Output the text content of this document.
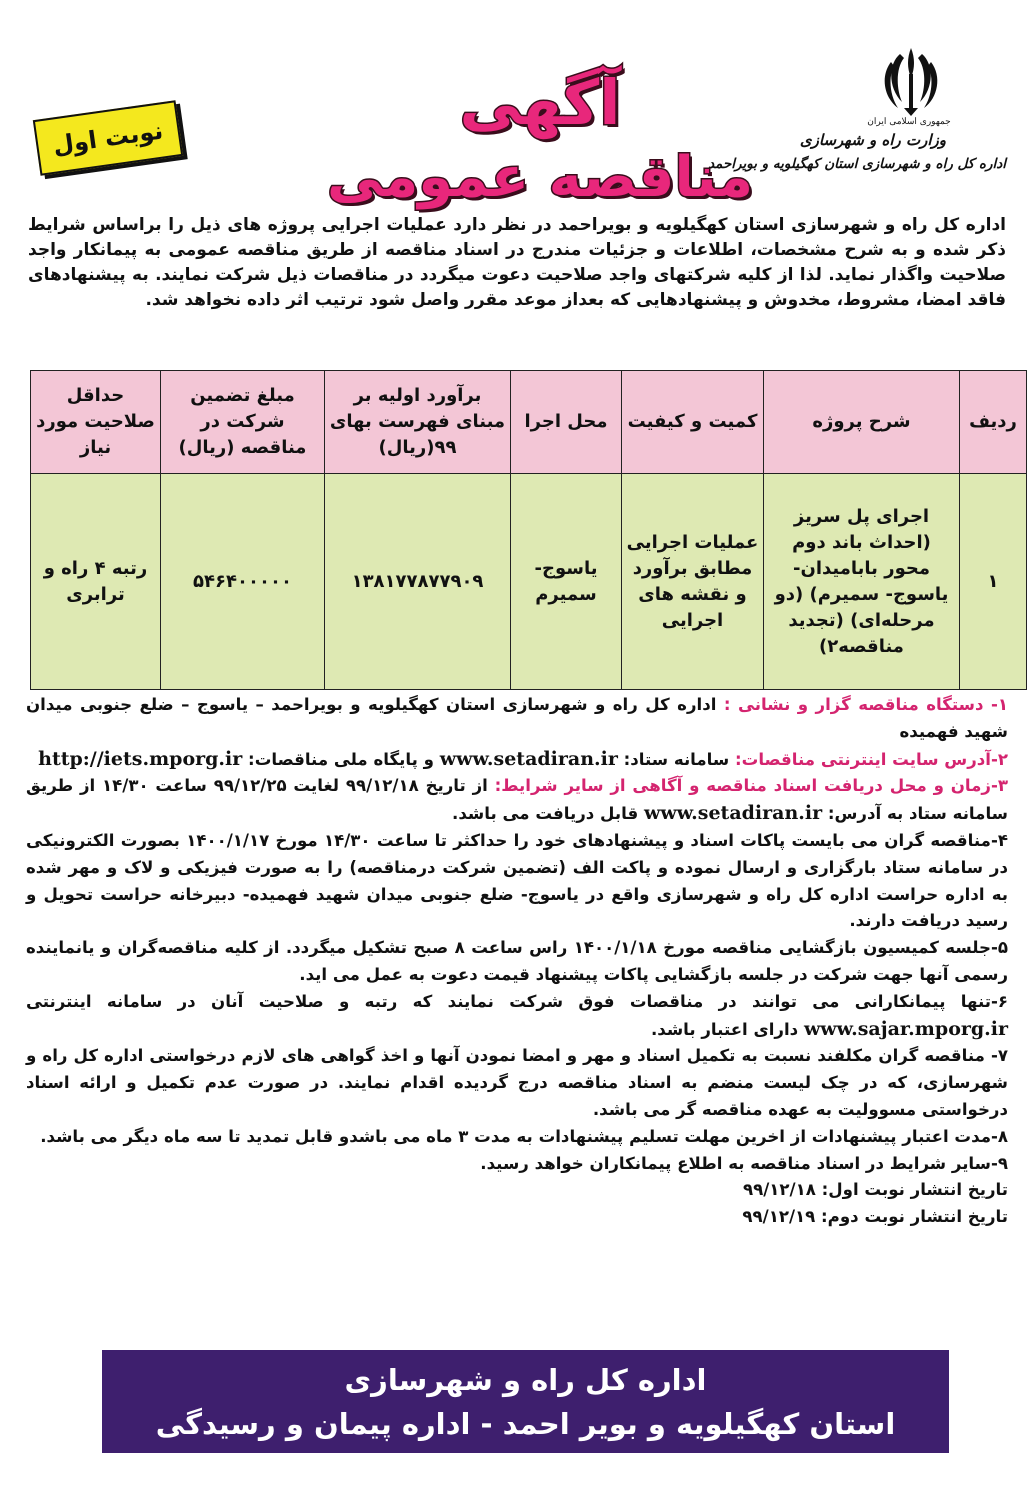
جمهوری اسلامی ایران
وزارت راه و شهرسازی
اداره کل راه و شهرسازی استان کهگیلویه و بویراحمد
آگهی
مناقصه عمومی
نوبت اول
اداره کل راه و شهرسازی استان کهگیلویه و بویراحمد در نظر دارد عملیات اجرایی پروژه های ذیل را براساس شرایط ذکر شده و به شرح مشخصات، اطلاعات و جزئیات مندرج در اسناد مناقصه از طریق مناقصه عمومی به پیمانکار واجد صلاحیت واگذار نماید. لذا از کلیه شرکتهای واجد صلاحیت دعوت میگردد در مناقصات ذیل شرکت نمایند. به پیشنهادهای فاقد امضا، مشروط، مخدوش و پیشنهادهایی که بعداز موعد مقرر واصل شود ترتیب اثر داده نخواهد شد.
ردیف	شرح پروژه	کمیت و کیفیت	محل اجرا	برآورد اولیه بر مبنای فهرست بهای ۹۹(ریال)	مبلغ تضمین شرکت در مناقصه (ریال)	حداقل صلاحیت مورد نیاز
۱	اجرای پل سریز (احداث باند دوم محور بابامیدان- یاسوج- سمیرم) (دو مرحله‌ای) (تجدید مناقصه۲)	عملیات اجرایی مطابق برآورد و نقشه های اجرایی	یاسوج- سمیرم	۱۳۸۱۷۷۸۷۷۹۰۹	۵۴۶۴۰۰۰۰۰	رتبه ۴ راه و ترابری

۱- دستگاه مناقصه گزار و نشانی : اداره کل راه و شهرسازی استان کهگیلویه و بویراحمد – یاسوج – ضلع جنوبی میدان شهید فهمیده

۲-آدرس سایت اینترنتی مناقصات: سامانه ستاد: www.setadiran.ir و پایگاه ملی مناقصات: http://iets.mporg.ir

۳-زمان و محل دریافت اسناد مناقصه و آگاهی از سایر شرایط: از تاریخ ۹۹/۱۲/۱۸ لغایت ۹۹/۱۲/۲۵ ساعت ۱۴/۳۰ از طریق سامانه ستاد به آدرس: www.setadiran.ir قابل دریافت می باشد.

۴-مناقصه گران می بایست پاکات اسناد و پیشنهادهای خود را حداکثر تا ساعت ۱۴/۳۰ مورخ ۱۴۰۰/۱/۱۷ بصورت الکترونیکی در سامانه ستاد بارگزاری و ارسال نموده و پاکت الف (تضمین شرکت درمناقصه) را به صورت فیزیکی و لاک و مهر شده به اداره حراست اداره کل راه و شهرسازی واقع در یاسوج- ضلع جنوبی میدان شهید فهمیده- دبیرخانه حراست تحویل و رسید دریافت دارند.

۵-جلسه کمیسیون بازگشایی مناقصه مورخ ۱۴۰۰/۱/۱۸ راس ساعت ۸ صبح تشکیل میگردد. از کلیه مناقصه‌گران و یانماینده رسمی آنها جهت شرکت در جلسه بازگشایی پاکات پیشنهاد قیمت دعوت به عمل می اید.

۶-تنها پیمانکارانی می توانند در مناقصات فوق شرکت نمایند که رتبه و صلاحیت آنان در سامانه اینترنتی www.sajar.mporg.ir دارای اعتبار باشد.

۷- مناقصه گران مکلفند نسبت به تکمیل اسناد و مهر و امضا نمودن آنها و اخذ گواهی های لازم درخواستی اداره کل راه و شهرسازی، که در چک لیست منضم به اسناد مناقصه درج گردیده اقدام نمایند. در صورت عدم تکمیل و ارائه اسناد درخواستی مسوولیت به عهده مناقصه گر می باشد.

۸-مدت اعتبار پیشنهادات از اخرین مهلت تسلیم پیشنهادات به مدت ۳ ماه می باشدو قابل تمدید تا سه ماه دیگر می باشد.

۹-سایر شرایط در اسناد مناقصه به اطلاع پیمانکاران خواهد رسید.

تاریخ انتشار نوبت اول: ۹۹/۱۲/۱۸

تاریخ انتشار نوبت دوم: ۹۹/۱۲/۱۹

اداره کل راه و شهرسازی
استان کهگیلویه و بویر احمد - اداره پیمان و رسیدگی
